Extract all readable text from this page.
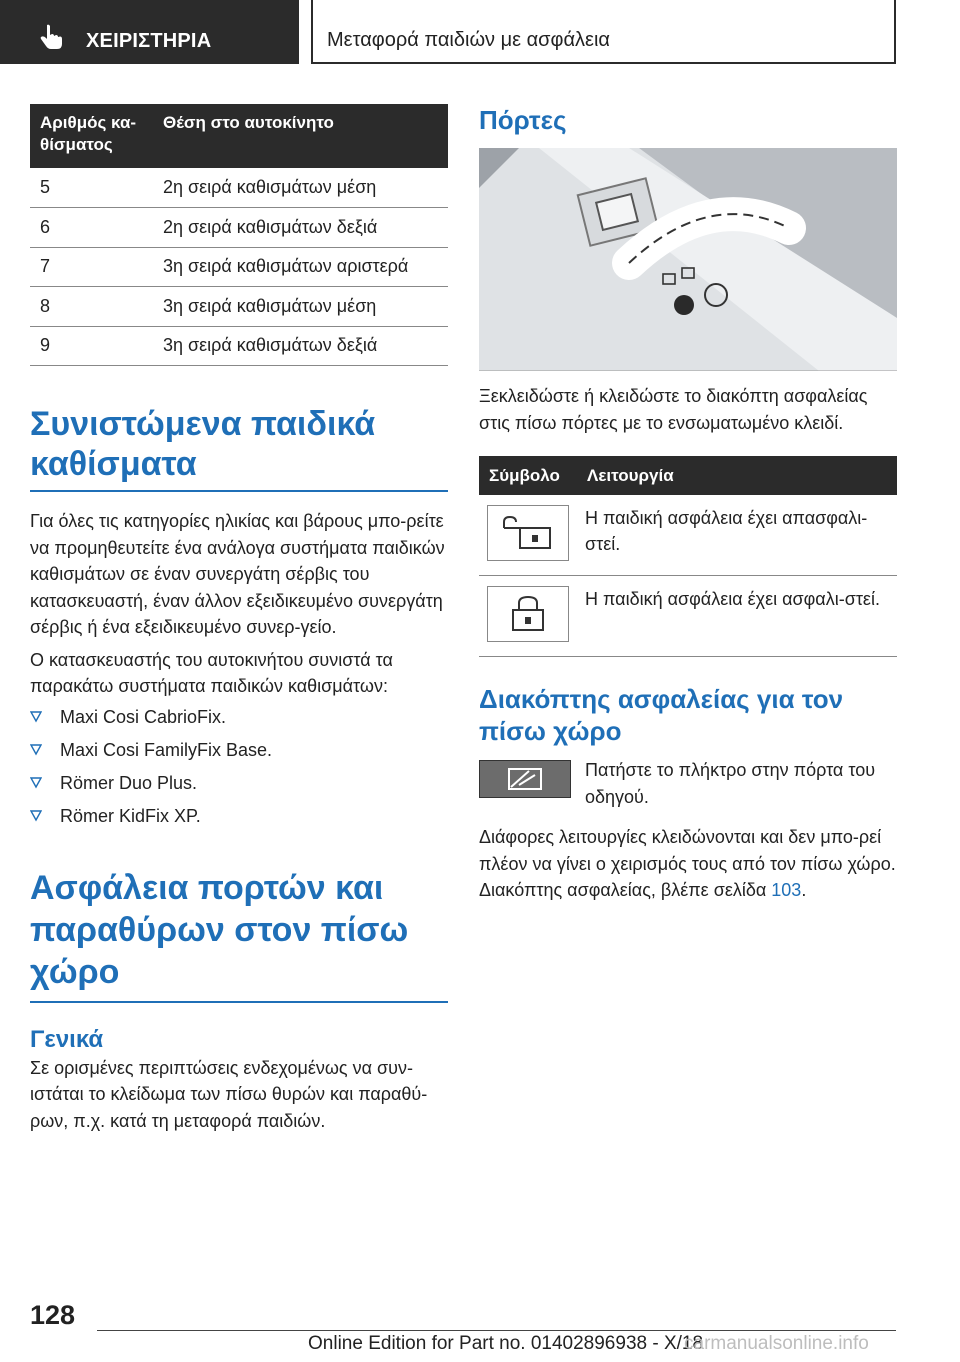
ΧΕΙΡΙΣΤΗΡΙΑ	Μεταφορά παιδιών με ασφάλεια
Αριθμός κα-θίσματος	Θέση στο αυτοκίνητο
5	2η σειρά καθισμάτων μέση
6	2η σειρά καθισμάτων δεξιά
7	3η σειρά καθισμάτων αριστερά
8	3η σειρά καθισμάτων μέση
9	3η σειρά καθισμάτων δεξιά
Συνιστώμενα παιδικά καθίσματα

Για όλες τις κατηγορίες ηλικίας και βάρους μπο-ρείτε να προμηθευτείτε ένα ανάλογα συστήματα παιδικών καθισμάτων σε έναν συνεργάτη σέρβις του κατασκευαστή, έναν άλλον εξειδικευμένο συνεργάτη σέρβις ή ένα εξειδικευμένο συνερ-γείο.

Ο κατασκευαστής του αυτοκινήτου συνιστά τα παρακάτω συστήματα παιδικών καθισμάτων:

Maxi Cosi CabrioFix.
Maxi Cosi FamilyFix Base.
Römer Duo Plus.
Römer KidFix XP.
Ασφάλεια πορτών και παραθύρων στον πίσω χώρο
Γενικά

Σε ορισμένες περιπτώσεις ενδεχομένως να συν-ιστάται το κλείδωμα των πίσω θυρών και παραθύ-ρων, π.χ. κατά τη μεταφορά παιδιών.

Πόρτες

Ξεκλειδώστε ή κλειδώστε το διακόπτη ασφαλείας στις πίσω πόρτες με το ενσωματωμένο κλειδί.

Σύμβολο	Λειτουργία

	Η παιδική ασφάλεια έχει απασφαλι-στεί.

	Η παιδική ασφάλεια έχει ασφαλι-στεί.
Διακόπτης ασφαλείας για τον πίσω χώρο

Πατήστε το πλήκτρο στην πόρτα του οδηγού.

Διάφορες λειτουργίες κλειδώνονται και δεν μπο-ρεί πλέον να γίνει ο χειρισμός τους από τον πίσω χώρο. Διακόπτης ασφαλείας, βλέπε σελίδα 103.

128
Online Edition for Part no. 01402896938 - X/18
carmanualsonline.info
